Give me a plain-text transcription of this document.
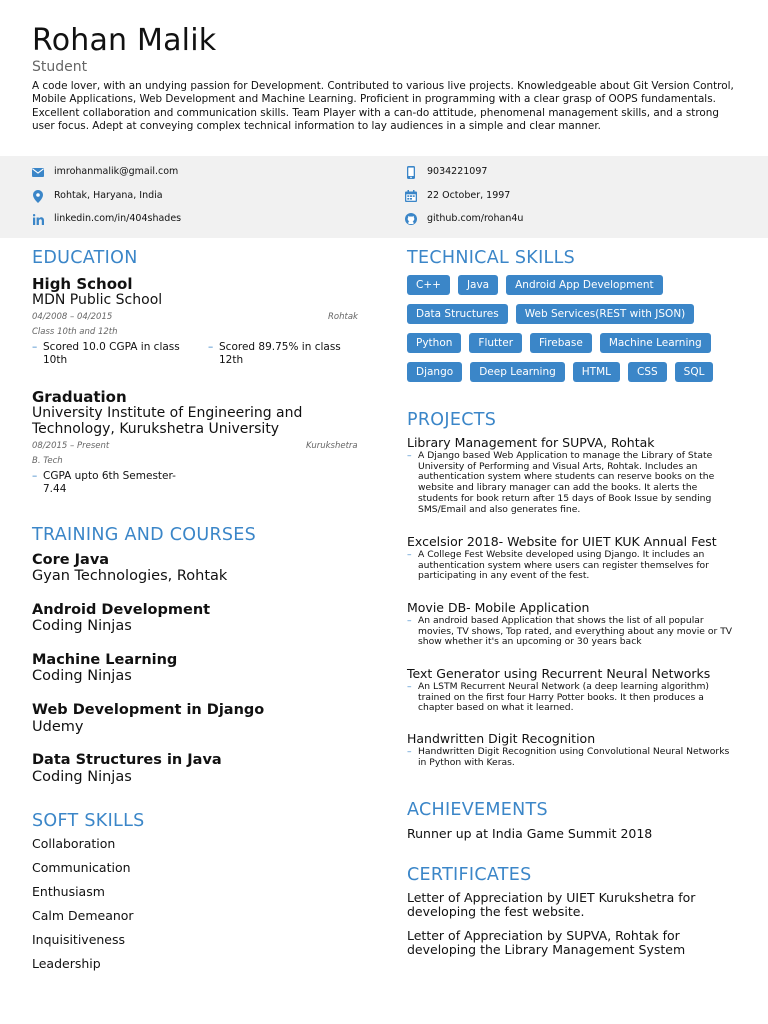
Rohan Malik
Student
A code lover, with an undying passion for Development. Contributed to various live projects. Knowledgeable about Git Version Control, Mobile Applications, Web Development and Machine Learning. Proficient in programming with a clear grasp of OOPS fundamentals. Excellent collaboration and communication skills. Team Player with a can-do attitude, phenomenal management skills, and a strong user focus. Adept at conveying complex technical information to lay audiences in a simple and clear manner.
imrohanmalik@gmail.com
Rohtak, Haryana, India
linkedin.com/in/404shades
9034221097
22 October, 1997
github.com/rohan4u
EDUCATION
High School
MDN Public School
04/2008 – 04/2015	Rohtak
Class 10th and 12th
– Scored 10.0 CGPA in class 10th
– Scored 89.75% in class 12th
Graduation
University Institute of Engineering and Technology, Kurukshetra University
08/2015 – Present	Kurukshetra
B. Tech
– CGPA upto 6th Semester- 7.44
TRAINING AND COURSES
Core Java
Gyan Technologies, Rohtak
Android Development
Coding Ninjas
Machine Learning
Coding Ninjas
Web Development in Django
Udemy
Data Structures in Java
Coding Ninjas
SOFT SKILLS
Collaboration
Communication
Enthusiasm
Calm Demeanor
Inquisitiveness
Leadership
TECHNICAL SKILLS
C++	Java	Android App Development
Data Structures	Web Services(REST with JSON)
Python	Flutter	Firebase	Machine Learning
Django	Deep Learning	HTML	CSS	SQL
PROJECTS
Library Management for SUPVA, Rohtak
– A Django based Web Application to manage the Library of State University of Performing and Visual Arts, Rohtak. Includes an authentication system where students can reserve books on the website and library manager can add the books. It alerts the students for book return after 15 days of Book Issue by sending SMS/Email and also generates fine.
Excelsior 2018- Website for UIET KUK Annual Fest
– A College Fest Website developed using Django. It includes an authentication system where users can register themselves for participating in any event of the fest.
Movie DB- Mobile Application
– An android based Application that shows the list of all popular movies, TV shows, Top rated, and everything about any movie or TV show whether it's an upcoming or 30 years back
Text Generator using Recurrent Neural Networks
– An LSTM Recurrent Neural Network (a deep learning algorithm) trained on the first four Harry Potter books. It then produces a chapter based on what it learned.
Handwritten Digit Recognition
– Handwritten Digit Recognition using Convolutional Neural Networks in Python with Keras.
ACHIEVEMENTS
Runner up at India Game Summit 2018
CERTIFICATES
Letter of Appreciation by UIET Kurukshetra for developing the fest website.
Letter of Appreciation by SUPVA, Rohtak for developing the Library Management System
